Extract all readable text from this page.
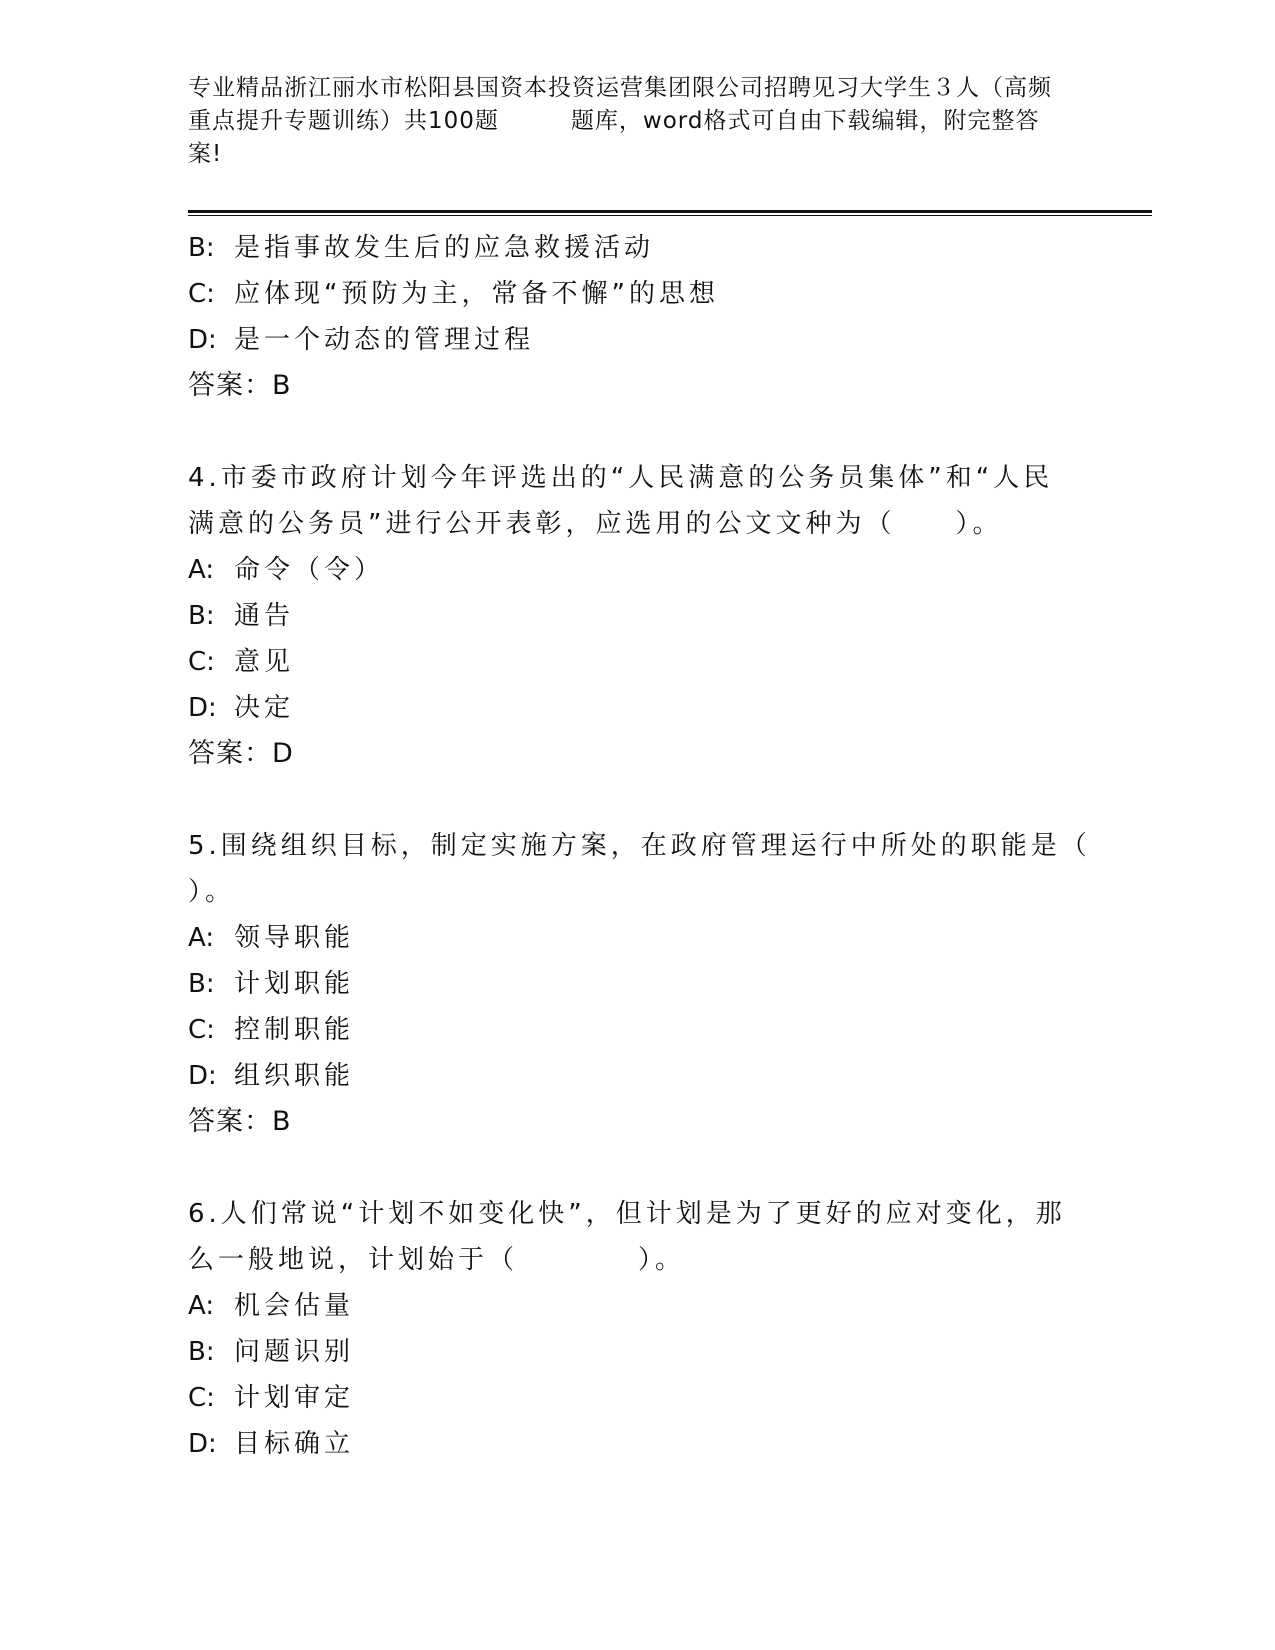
专业精品浙江丽水市松阳县国资本投资运营集团限公司招聘见习大学生３人（高频
重点提升专题训练）共100题	题库，word格式可自由下载编辑，附完整答
案!
B: 是指事故发生后的应急救援活动
C: 应体现“预防为主，常备不懈”的思想
D: 是一个动态的管理过程
答案：B
4.市委市政府计划今年评选出的“人民满意的公务员集体”和“人民
满意的公务员”进行公开表彰，应选用的公文文种为（　　）。
A: 命令（令）
B: 通告
C: 意见
D: 决定
答案：D
5.围绕组织目标，制定实施方案，在政府管理运行中所处的职能是（
）。
A: 领导职能
B: 计划职能
C: 控制职能
D: 组织职能
答案：B
6.人们常说“计划不如变化快”，但计划是为了更好的应对变化，那
么一般地说，计划始于（　　　　）。
A: 机会估量
B: 问题识别
C: 计划审定
D: 目标确立
